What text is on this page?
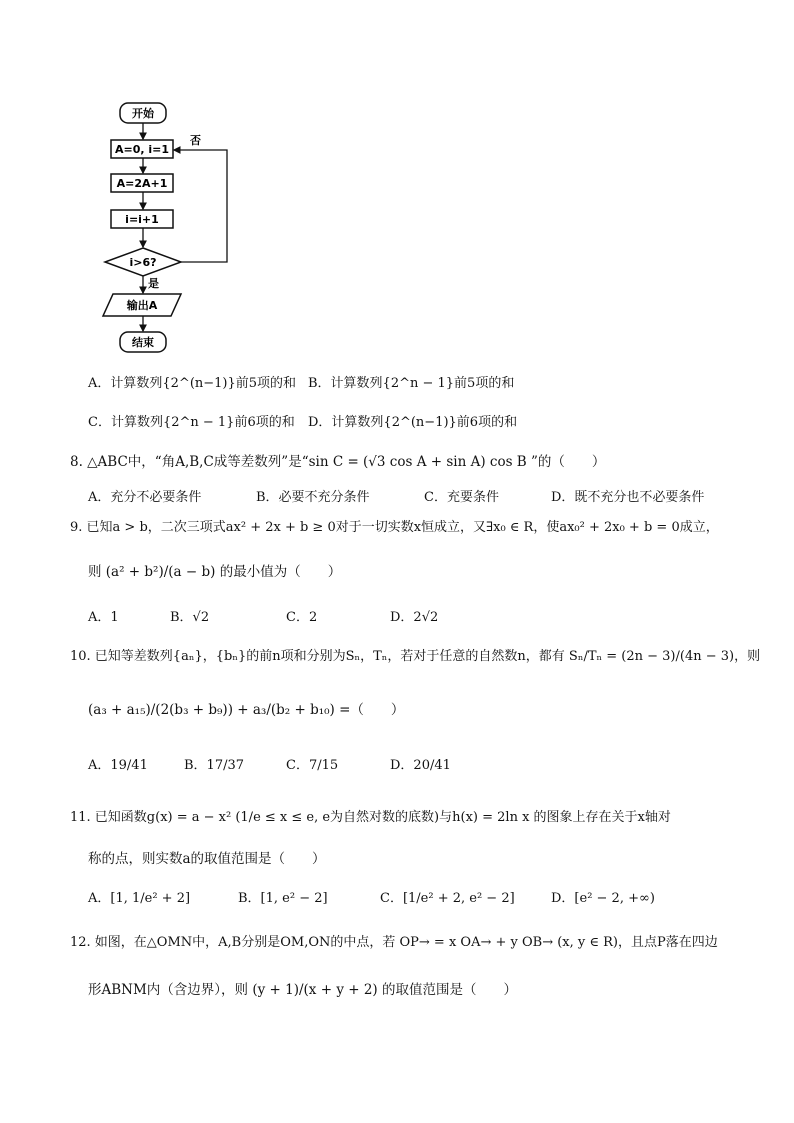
开始
A=0, i=1
A=2A+1
i=i+1
i>6?
否
是
输出A
结束
A．计算数列{2^(n−1)}前5项的和 B．计算数列{2^n − 1}前5项的和
C．计算数列{2^n − 1}前6项的和 D．计算数列{2^(n−1)}前6项的和
8. △ABC中，“角A,B,C成等差数列”是“sin C = (√3 cos A + sin A) cos B ”的（　　）
A．充分不必要条件	B．必要不充分条件	C．充要条件	D．既不充分也不必要条件
9. 已知a > b，二次三项式ax² + 2x + b ≥ 0对于一切实数x恒成立，又∃x₀ ∈ R，使ax₀² + 2x₀ + b = 0成立，
则 (a² + b²)/(a − b) 的最小值为（　　）
A．1	B．√2	C．2	D．2√2
10. 已知等差数列{aₙ}，{bₙ}的前n项和分别为Sₙ，Tₙ，若对于任意的自然数n，都有 Sₙ/Tₙ = (2n − 3)/(4n − 3)，则
(a₃ + a₁₅)/(2(b₃ + b₉)) + a₃/(b₂ + b₁₀) =（　　）
A．19/41	B．17/37	C．7/15	D．20/41
11. 已知函数g(x) = a − x² (1/e ≤ x ≤ e, e为自然对数的底数)与h(x) = 2ln x 的图象上存在关于x轴对
称的点，则实数a的取值范围是（　　）
A．[1, 1/e² + 2]	B．[1, e² − 2]	C．[1/e² + 2, e² − 2]	D．[e² − 2, +∞)
12. 如图，在△OMN中，A,B分别是OM,ON的中点，若 OP→ = x OA→ + y OB→ (x, y ∈ R)，且点P落在四边
形ABNM内（含边界），则 (y + 1)/(x + y + 2) 的取值范围是（　　）
